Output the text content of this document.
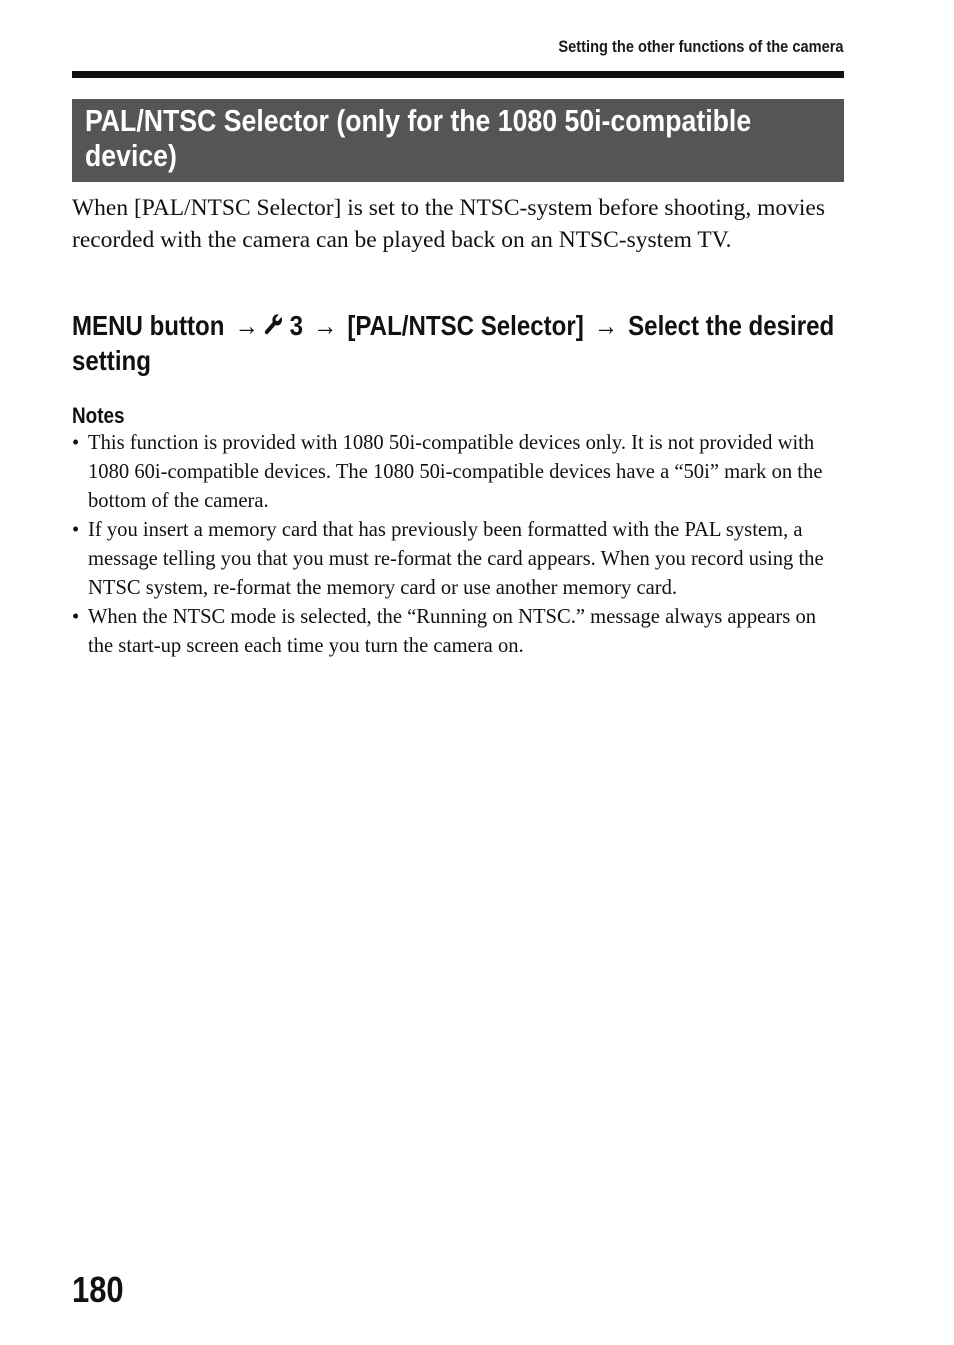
Setting the other functions of the camera
PAL/NTSC Selector (only for the 1080 50i-compatible device)

When [PAL/NTSC Selector] is set to the NTSC-system before shooting, movies recorded with the camera can be played back on an NTSC-system TV.

MENU button → 3 → [PAL/NTSC Selector] → Select the desired setting

Notes

• This function is provided with 1080 50i-compatible devices only. It is not provided with 1080 60i-compatible devices. The 1080 50i-compatible devices have a “50i” mark on the bottom of the camera.
• If you insert a memory card that has previously been formatted with the PAL system, a message telling you that you must re-format the card appears. When you record using the NTSC system, re-format the memory card or use another memory card.
• When the NTSC mode is selected, the “Running on NTSC.” message always appears on the start-up screen each time you turn the camera on.
180
